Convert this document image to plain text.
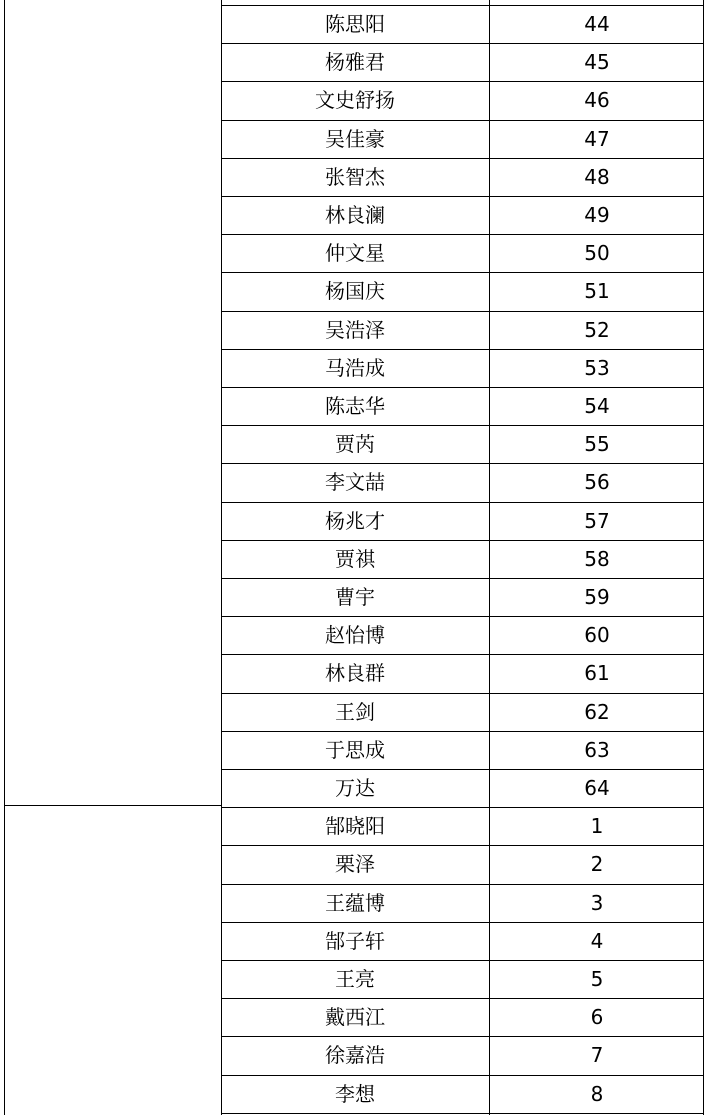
陈思阳	44
杨雅君	45
文史舒扬	46
吴佳豪	47
张智杰	48
林良澜	49
仲文星	50
杨国庆	51
吴浩泽	52
马浩成	53
陈志华	54
贾芮	55
李文喆	56
杨兆才	57
贾祺	58
曹宇	59
赵怡博	60
林良群	61
王剑	62
于思成	63
万达	64
郜晓阳	1
栗泽	2
王蕴博	3
郜子轩	4
王亮	5
戴西江	6
徐嘉浩	7
李想	8
